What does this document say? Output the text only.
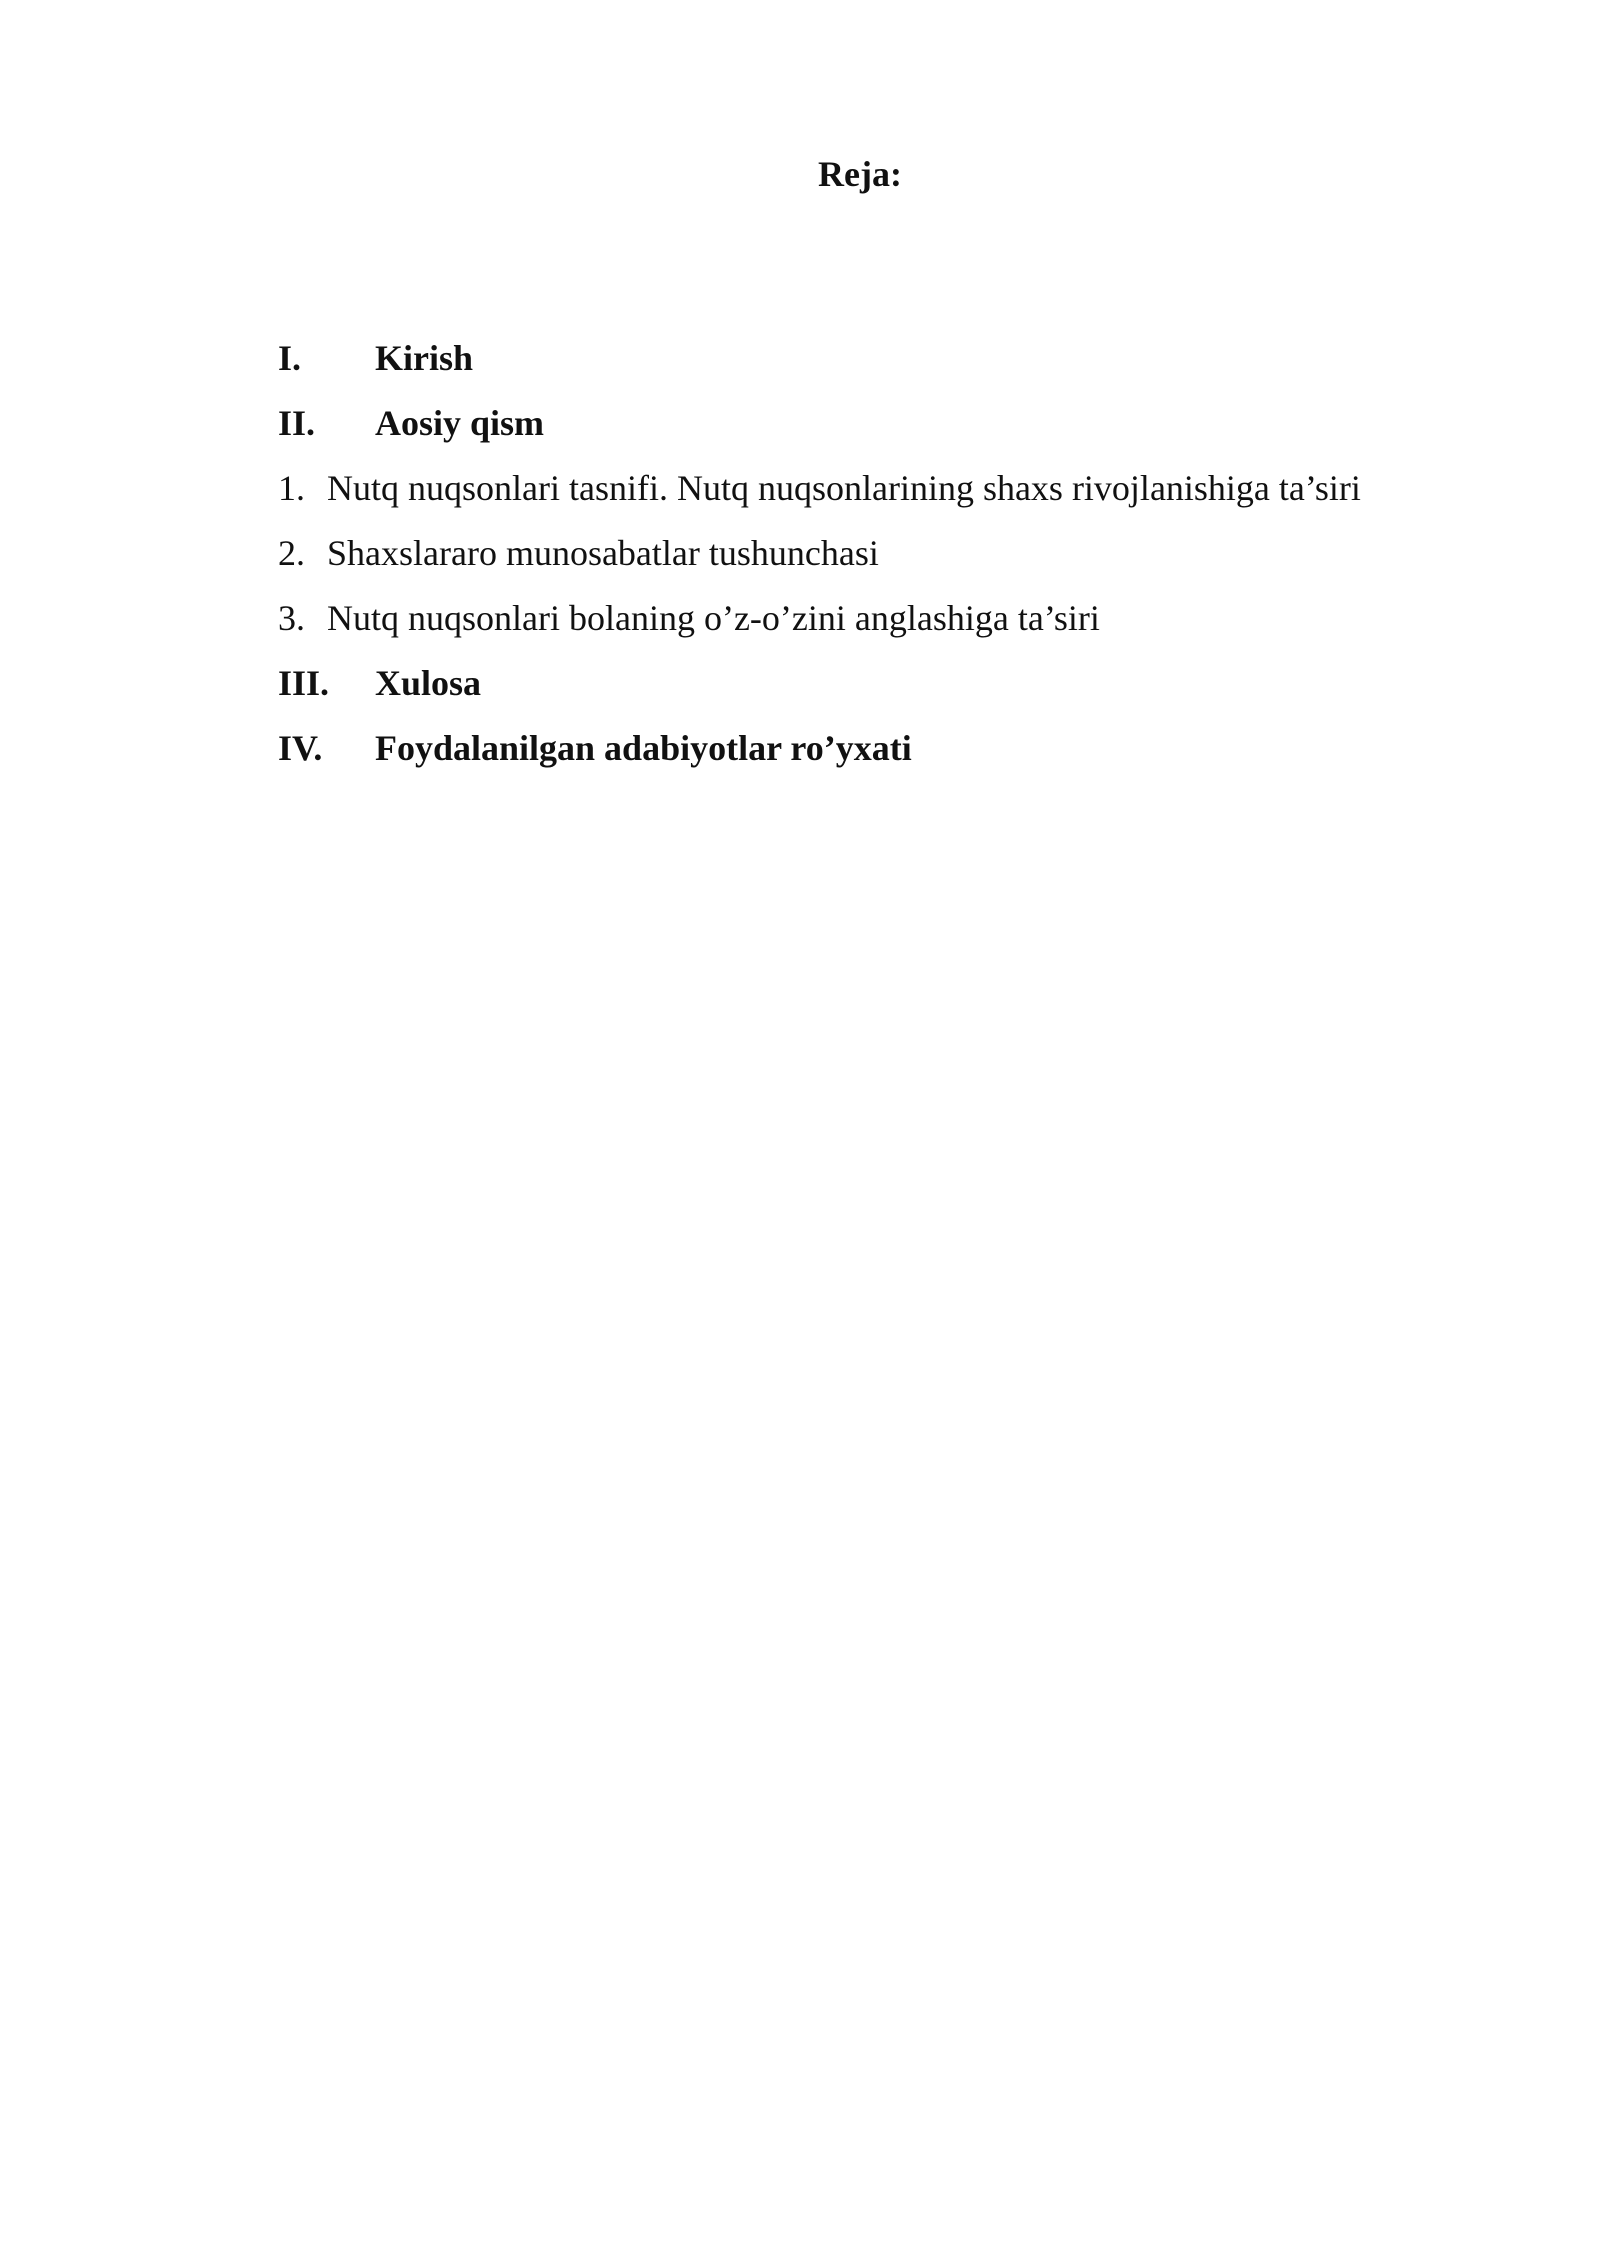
Reja:
I.	Kirish
II.	Aosiy qism
1. Nutq nuqsonlari tasnifi. Nutq nuqsonlarining shaxs rivojlanishiga ta’siri
2. Shaxslararo munosabatlar tushunchasi
3. Nutq nuqsonlari bolaning o’z-o’zini anglashiga ta’siri
III.	Xulosa
IV.	Foydalanilgan adabiyotlar ro’yxati
